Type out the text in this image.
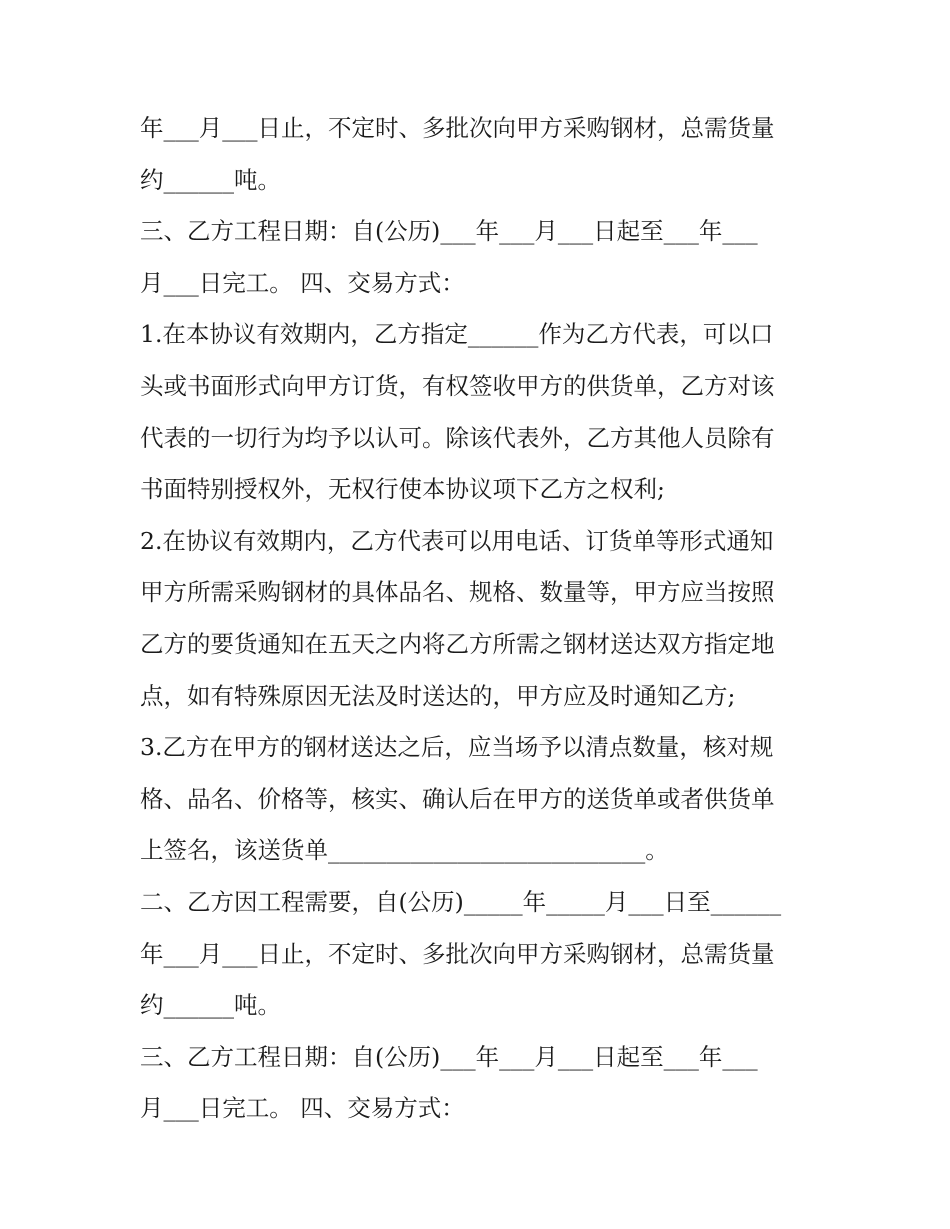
年___月___日止，不定时、多批次向甲方采购钢材，总需货量
约______吨。
三、乙方工程日期：自(公历)___年___月___日起至___年___
月___日完工。 四、交易方式：
1.在本协议有效期内，乙方指定______作为乙方代表，可以口
头或书面形式向甲方订货，有权签收甲方的供货单，乙方对该
代表的一切行为均予以认可。除该代表外，乙方其他人员除有
书面特别授权外，无权行使本协议项下乙方之权利;
2.在协议有效期内，乙方代表可以用电话、订货单等形式通知
甲方所需采购钢材的具体品名、规格、数量等，甲方应当按照
乙方的要货通知在五天之内将乙方所需之钢材送达双方指定地
点，如有特殊原因无法及时送达的，甲方应及时通知乙方;
3.乙方在甲方的钢材送达之后，应当场予以清点数量，核对规
格、品名、价格等，核实、确认后在甲方的送货单或者供货单
上签名，该送货单___________________________。
二、乙方因工程需要，自(公历)_____年_____月___日至______
年___月___日止，不定时、多批次向甲方采购钢材，总需货量
约______吨。
三、乙方工程日期：自(公历)___年___月___日起至___年___
月___日完工。 四、交易方式：
